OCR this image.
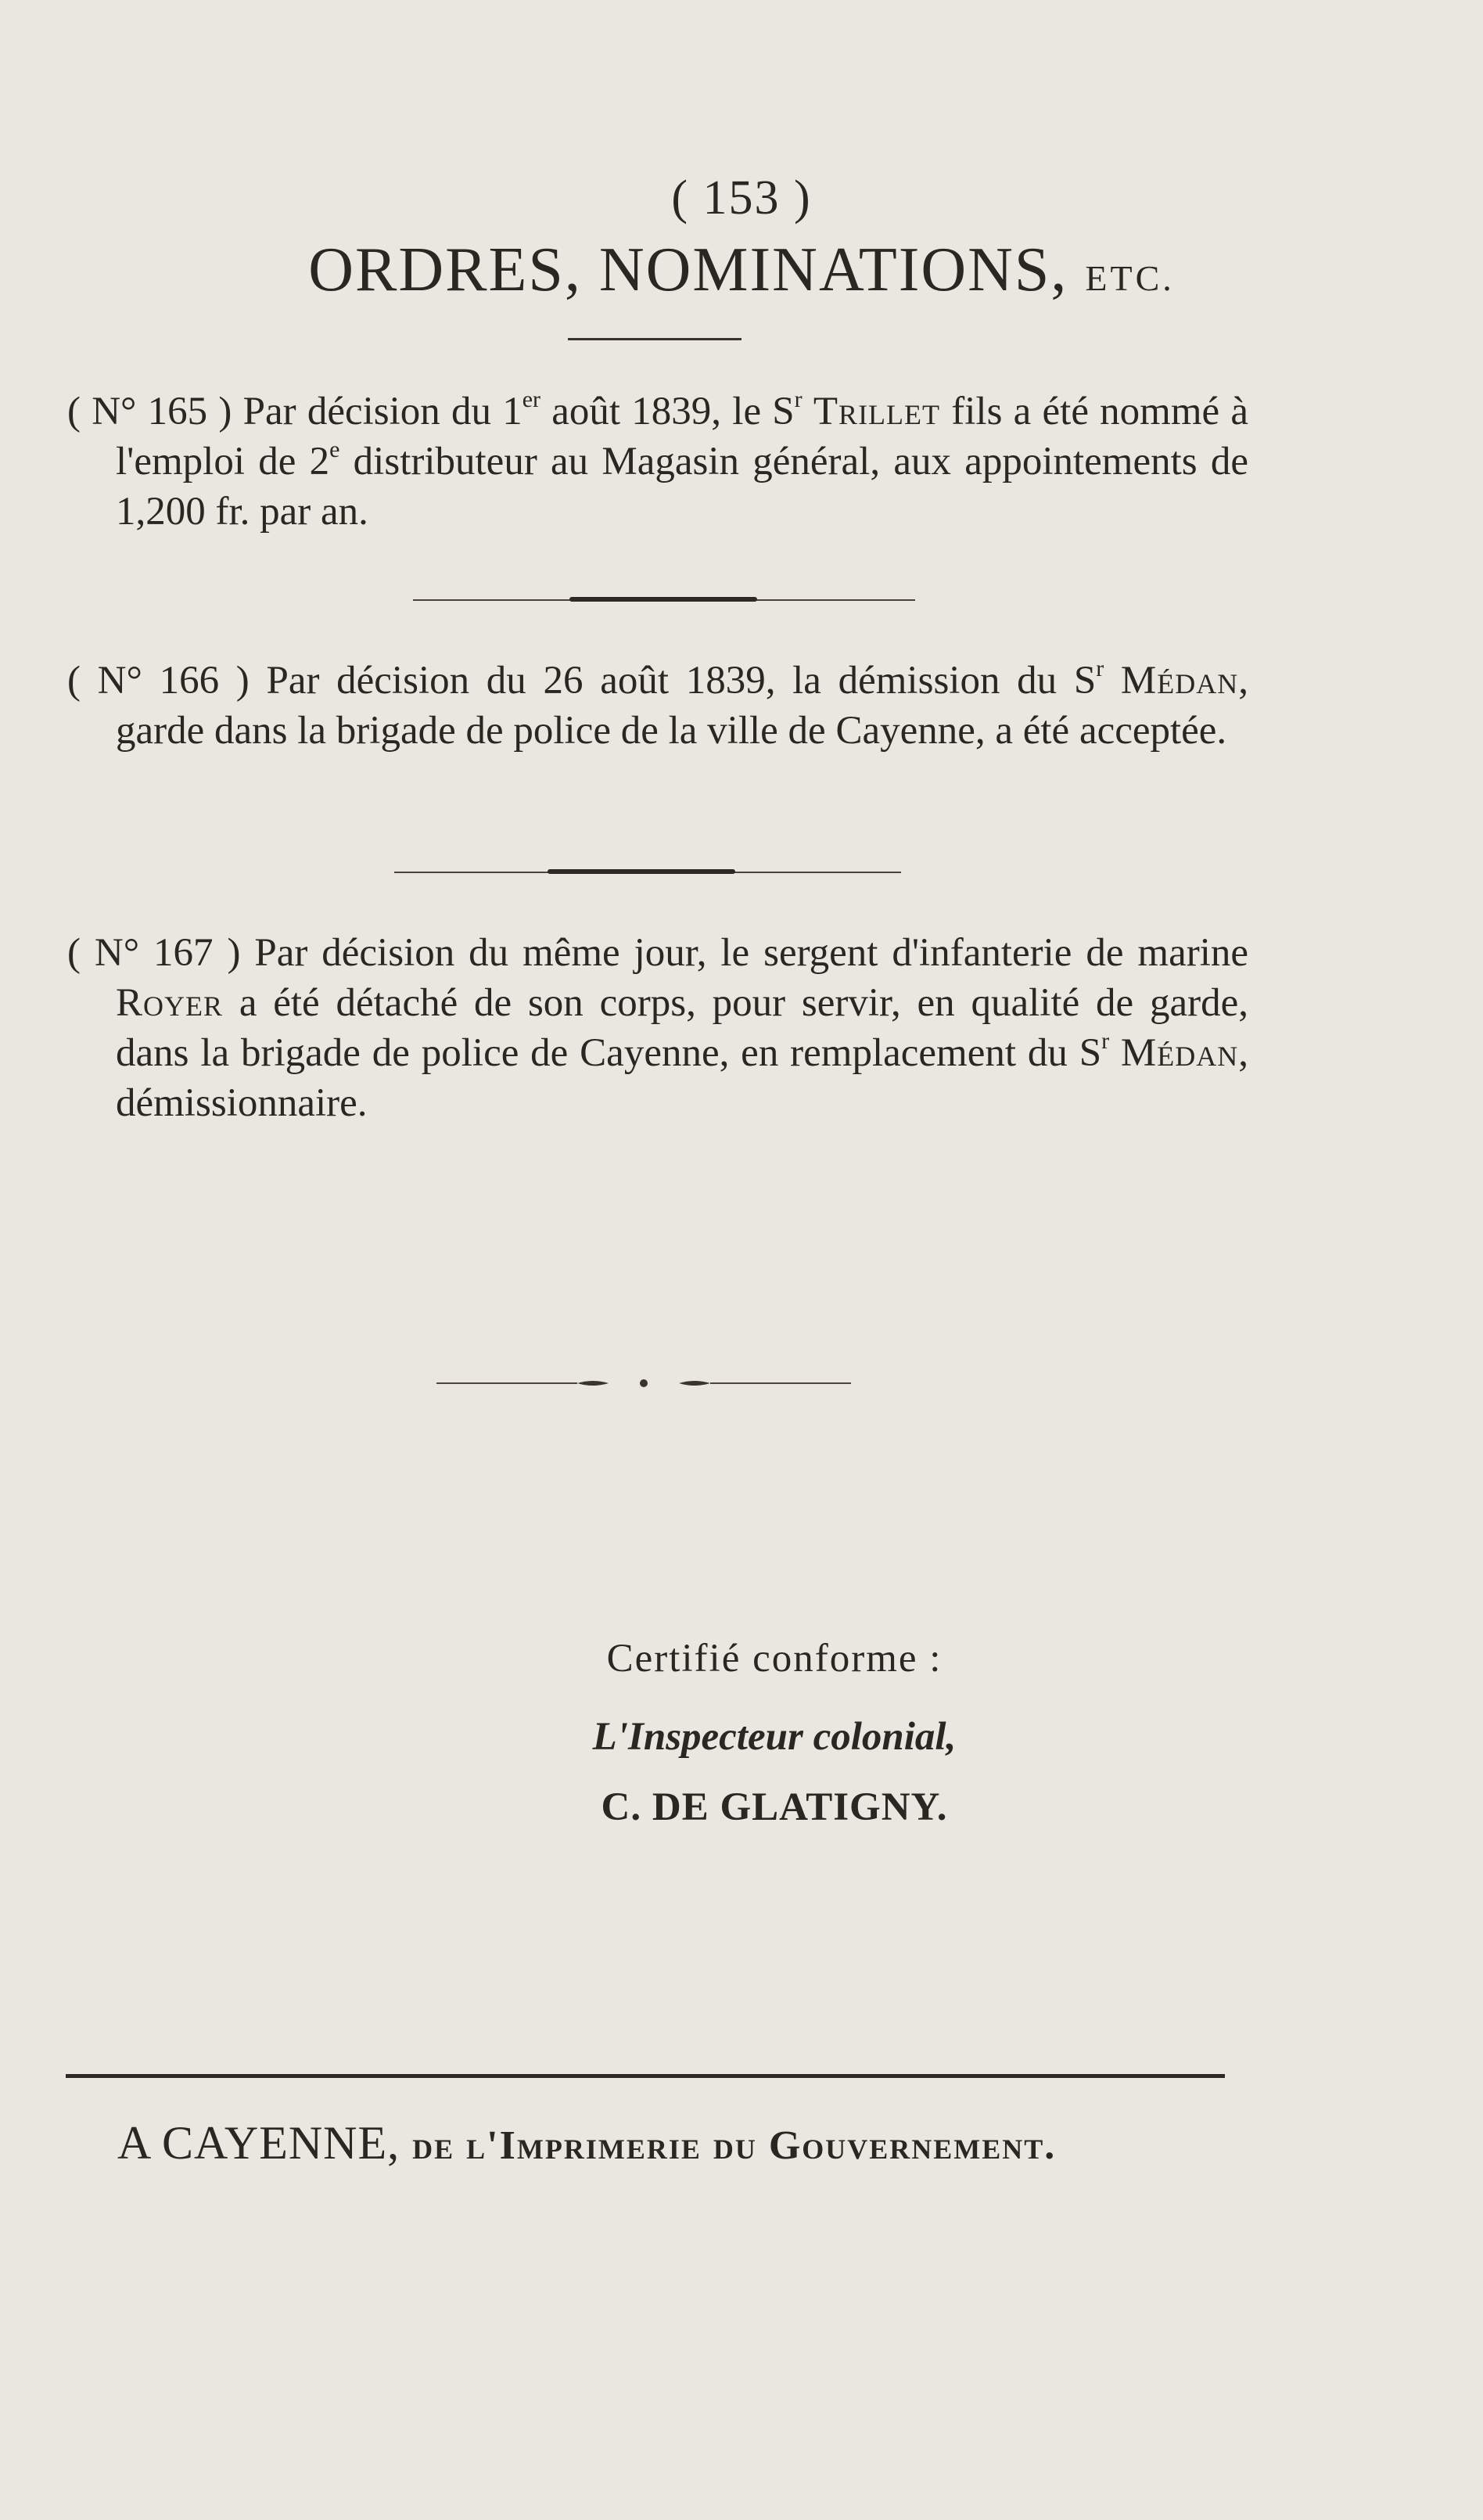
( 153 )
ORDRES, NOMINATIONS, ETC.

( N° 165 ) Par décision du 1er août 1839, le $S^r$ Trillet fils a été nommé à l'emploi de 2e distributeur au Magasin général, aux appointements de 1,200 fr. par an.

( N° 166 ) Par décision du 26 août 1839, la démission du $S^r$ Médan, garde dans la brigade de police de la ville de Cayenne, a été acceptée.

( N° 167 ) Par décision du même jour, le sergent d'infanterie de marine Royer a été détaché de son corps, pour servir, en qualité de garde, dans la brigade de police de Cayenne, en remplacement du $S^r$ Médan, démissionnaire.

Certifié conforme :
L'Inspecteur colonial,
C. DE GLATIGNY.
A CAYENNE, de l'Imprimerie du Gouvernement.
